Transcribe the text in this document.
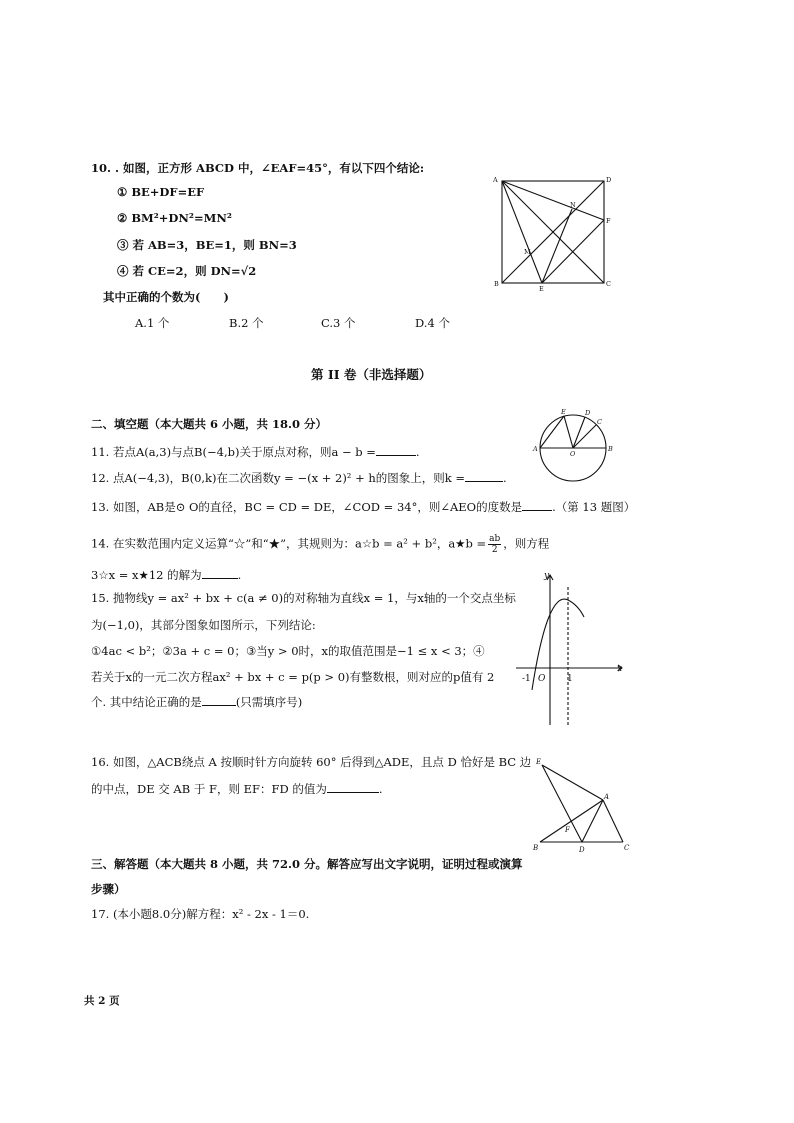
10. . 如图，正方形 ABCD 中，∠EAF=45°，有以下四个结论:
① BE+DF=EF
② BM²+DN²=MN²
③ 若 AB=3，BE=1，则 BN=3
④ 若 CE=2，则 DN=√2
其中正确的个数为(　　)
A.1 个	B.2 个	C.3 个	D.4 个
A	D
N
F
M
B
E
C
第 II 卷（非选择题）
二、填空题（本大题共 6 小题，共 18.0 分）
11. 若点A(a,3)与点B(−4,b)关于原点对称，则a − b =	.
12. 点A(−4,3)，B(0,k)在二次函数y = −(x + 2)² + h的图象上，则k =	.
13. 如图，AB是⊙ O的直径，BC = CD = DE，∠COD = 34°，则∠AEO的度数是	.（第 13 题图）
E	D
C
A
O
B
14. 在实数范围内定义运算“☆”和“★”，其规则为：a☆b = a² + b²，a★b = $\frac{ab}{2}$ ，则方程
3☆x = x★12 的解为	.
15. 抛物线y = ax² + bx + c(a ≠ 0)的对称轴为直线x = 1，与x轴的一个交点坐标
为(−1,0)，其部分图象如图所示，下列结论:
①4ac < b²；②3a + c = 0；③当y > 0时，x的取值范围是−1 ≤ x < 3；④
若关于x的一元二次方程ax² + bx + c = p(p > 0)有整数根，则对应的p值有 2
个. 其中结论正确的是	(只需填序号)
y
x
-1 O 1
16. 如图，△ACB绕点 A 按顺时针方向旋转 60° 后得到△ADE，且点 D 恰好是 BC 边
的中点，DE 交 AB 于 F，则 EF：FD 的值为	.
E
A
F
B	D	C
三、解答题（本大题共 8 小题，共 72.0 分。解答应写出文字说明，证明过程或演算
步骤）
17. (本小题8.0分)解方程：x² - 2x - 1＝0.
共 2 页
